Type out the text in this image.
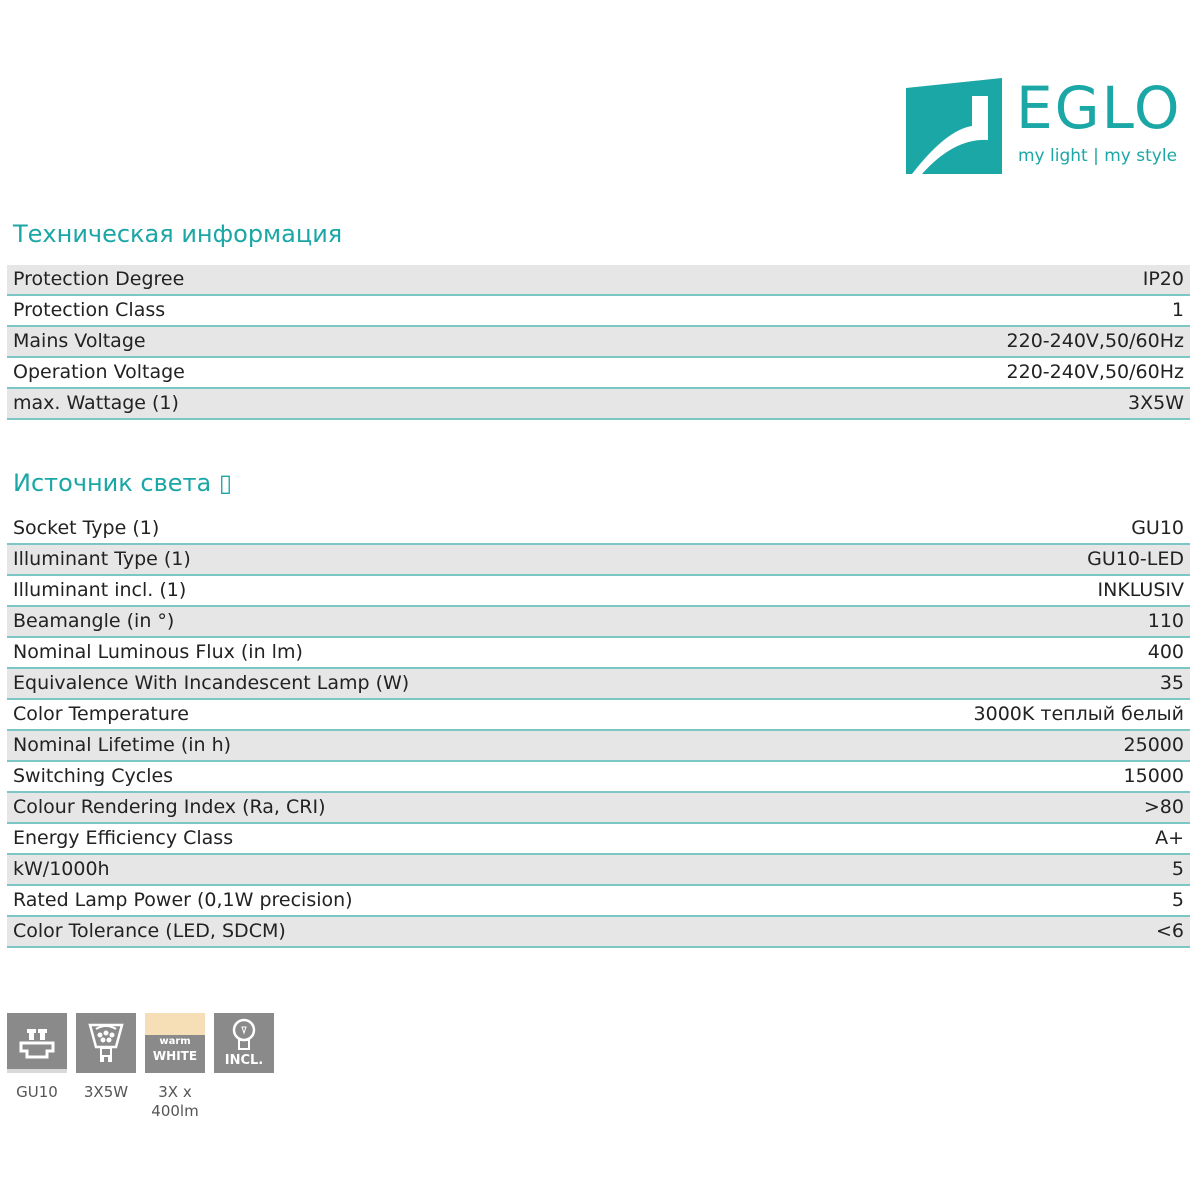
EGLO
my light | my style
Техническая информация
Protection Degree	IP20
Protection Class	1
Mains Voltage	220-240V,50/60Hz
Operation Voltage	220-240V,50/60Hz
max. Wattage (1)	3X5W
Источник света ▯
Socket Type (1)	GU10
Illuminant Type (1)	GU10-LED
Illuminant incl. (1)	INKLUSIV
Beamangle (in °)	110
Nominal Luminous Flux (in lm)	400
Equivalence With Incandescent Lamp (W)	35
Color Temperature	3000K теплый белый
Nominal Lifetime (in h)	25000
Switching Cycles	15000
Colour Rendering Index (Ra, CRI)	>80
Energy Efficiency Class	A+
kW/1000h	5
Rated Lamp Power (0,1W precision)	5
Color Tolerance (LED, SDCM)	<6
GU10	3X5W
warm
WHITE
3X x 400lm
INCL.
